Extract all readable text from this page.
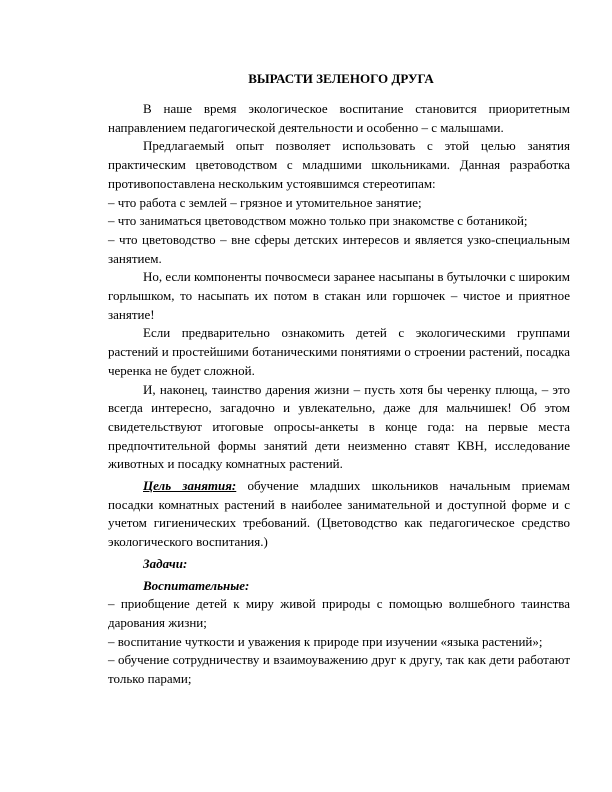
ВЫРАСТИ ЗЕЛЕНОГО ДРУГА

В наше время экологическое воспитание становится приоритетным направлением педагогической деятельности и особенно – с малышами.

Предлагаемый опыт позволяет использовать с этой целью занятия практическим цветоводством с младшими школьниками. Данная разработка противопоставлена нескольким устоявшимся стереотипам:

– что работа с землей – грязное и утомительное занятие;

– что заниматься цветоводством можно только при знакомстве с ботаникой;

– что цветоводство – вне сферы детских интересов и является узко-специальным занятием.

Но, если компоненты почвосмеси заранее насыпаны в бутылочки с широким горлышком, то насыпать их потом в стакан или горшочек – чистое и приятное занятие!

Если предварительно ознакомить детей с экологическими группами растений и простейшими ботаническими понятиями о строении растений, посадка черенка не будет сложной.

И, наконец, таинство дарения жизни – пусть хотя бы черенку плюща, – это всегда интересно, загадочно и увлекательно, даже для мальчишек! Об этом свидетельствуют итоговые опросы-анкеты в конце года: на первые места предпочтительной формы занятий дети неизменно ставят КВН, исследование животных и посадку комнатных растений.

Цель занятия: обучение младших школьников начальным приемам посадки комнатных растений в наиболее занимательной и доступной форме и с учетом гигиенических требований. (Цветоводство как педагогическое средство экологического воспитания.)

Задачи:

Воспитательные:

– приобщение детей к миру живой природы с помощью волшебного таинства дарования жизни;

– воспитание чуткости и уважения к природе при изучении «языка растений»;

– обучение сотрудничеству и взаимоуважению друг к другу, так как дети работают только парами;
